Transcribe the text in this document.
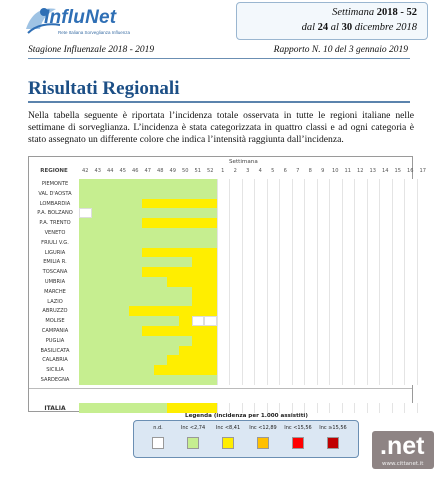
InfluNet
Rete Italiana Sorveglianza Influenza
Settimana 2018 - 52
dal 24 al 30 dicembre 2018
Stagione Influenzale 2018 - 2019	Rapporto N. 10 del 3 gennaio 2019
Risultati Regionali
Nella tabella seguente è riportata l’incidenza totale osservata in tutte le regioni italiane nelle settimane di sorveglianza. L’incidenza è stata categorizzata in quattro classi e ad ogni categoria è stato assegnato un differente colore che indica l’intensità raggiunta dall’incidenza.
Settimana
REGIONE	42	43	44	45	46	47	48	49	50	51	52	1	2	3	4	5	6	7	8	9	10	11	12	13	14	15	16	17
PIEMONTE
VAL D'AOSTA
LOMBARDIA
P.A. BOLZANO
P.A. TRENTO
VENETO
FRIULI V.G.
LIGURIA
EMILIA R.
TOSCANA
UMBRIA
MARCHE
LAZIO
ABRUZZO
MOLISE
CAMPANIA
PUGLIA
BASILICATA
CALABRIA
SICILIA
SARDEGNA
ITALIA
Legenda (incidenza per 1.000 assistiti)
n.d.	Inc <2,74	Inc <8,41	Inc <12,89	Inc <15,56	Inc ≥15,56
.net
www.cittanet.it
